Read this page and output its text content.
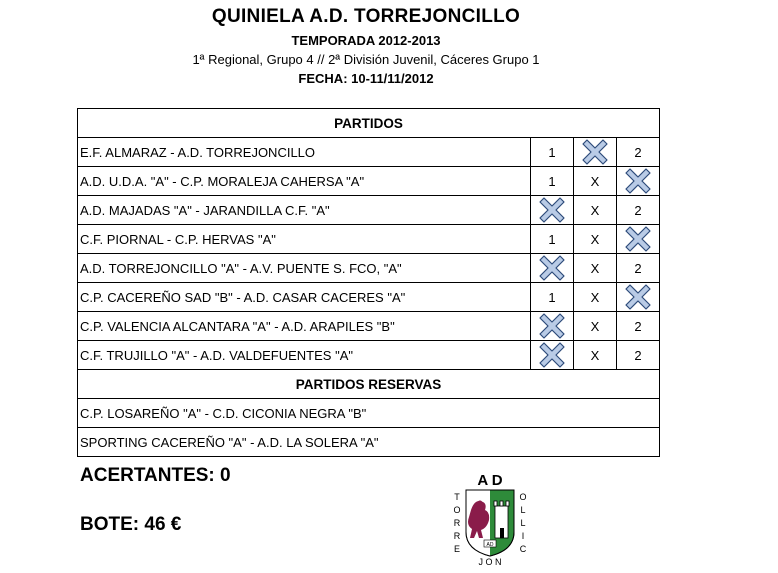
QUINIELA A.D. TORREJONCILLO
TEMPORADA 2012-2013
1ª Regional, Grupo 4 // 2ª División Juvenil, Cáceres Grupo 1
FECHA: 10-11/11/2012
PARTIDOS			
E.F. ALMARAZ - A.D. TORREJONCILLO	1		2
A.D. U.D.A. "A" - C.P. MORALEJA CAHERSA "A"	1	X	

A.D. MAJADAS "A" - JARANDILLA C.F. "A"		X	2
C.F. PIORNAL - C.P. HERVAS "A"	1	X	

A.D. TORREJONCILLO "A" - A.V. PUENTE S. FCO, "A"		X	2
C.P. CACEREÑO SAD "B" - A.D. CASAR CACERES "A"	1	X	

C.P. VALENCIA ALCANTARA "A" - A.D. ARAPILES "B"		X	2
C.F. TRUJILLO "A" - A.D. VALDEFUENTES "A"		X	2
PARTIDOS RESERVAS			
C.P. LOSAREÑO "A" - C.D. CICONIA NEGRA "B"			
SPORTING CACEREÑO "A" - A.D. LA SOLERA "A"			
ACERTANTES: 0
BOTE: 46 €
A D
T
O
R
R
E
O
L
L
I
C
AD
J O N
